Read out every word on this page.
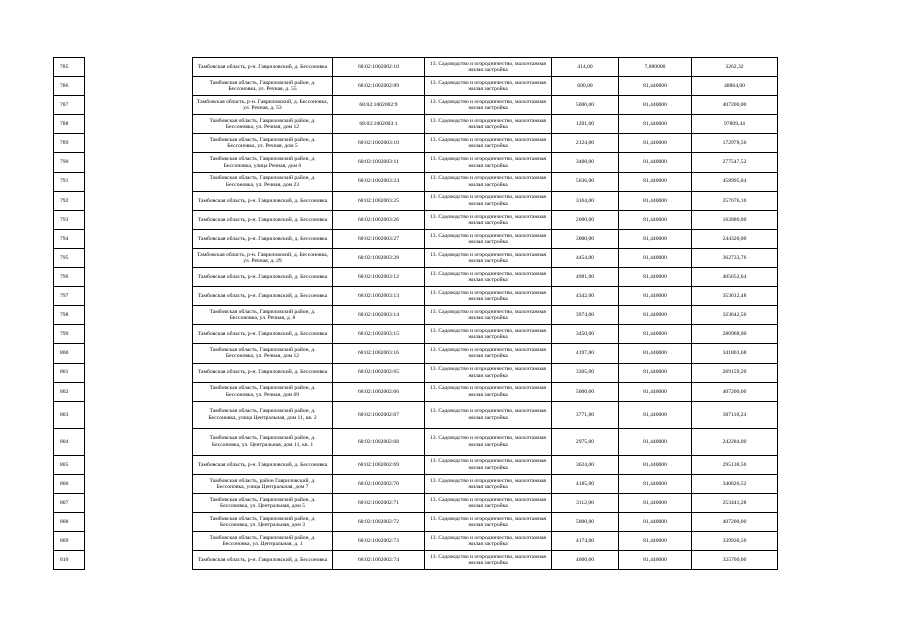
785		Тамбовская область, р-н. Гавриловский, д. Бессоновка	68:02:1002002:10	13. Садоводство и огородничество, малоэтажная жилая застройка	414,00	7,880000	3262,32
786		Тамбовская область, Гавриловский район, д. Бессоновка, ул. Речная, д. 55	68:02:1002002:89	13. Садоводство и огородничество, малоэтажная жилая застройка	600,00	81,440000	48864,00
787		Тамбовская область, р-н. Гавриловский, д. Бессоновка, ул. Речная, д. 53	68:02:1002002:9	13. Садоводство и огородничество, малоэтажная жилая застройка	5000,00	81,440000	407200,00
788		Тамбовская область, Гавриловский район, д. Бессоновка, ул. Речная, дом 12	68:02:1002003:1	13. Садоводство и огородничество, малоэтажная жилая застройка	1201,00	81,440000	97809,44
789		Тамбовская область, Гавриловский район, д. Бессоновка, ул. Речная, дом 5	68:02:1002003:10	13. Садоводство и огородничество, малоэтажная жилая застройка	2124,00	81,440000	172978,56
790		Тамбовская область, Гавриловский район, д. Бессоновка, улица Речная, дом 6	68:02:1002003:11	13. Садоводство и огородничество, малоэтажная жилая застройка	3408,00	81,440000	277547,52
791		Тамбовская область, Гавриловский район, д. Бессоновка, ул. Речная, дом 23	68:02:1002003:24	13. Садоводство и огородничество, малоэтажная жилая застройка	5636,00	81,440000	458995,84
792		Тамбовская область, р-н. Гавриловский, д. Бессоновка	68:02:1002003:25	13. Садоводство и огородничество, малоэтажная жилая застройка	3164,00	81,440000	257676,16
793		Тамбовская область, р-н. Гавриловский, д. Бессоновка	68:02:1002003:26	13. Садоводство и огородничество, малоэтажная жилая застройка	2000,00	81,440000	162880,00
794		Тамбовская область, р-н. Гавриловский, д. Бессоновка	68:02:1002003:27	13. Садоводство и огородничество, малоэтажная жилая застройка	3000,00	81,440000	244320,00
795		Тамбовская область, р-н. Гавриловский, д. Бессоновка, ул. Речная, д. 29	68:02:1002003:28	13. Садоводство и огородничество, малоэтажная жилая застройка	4454,00	81,440000	362733,76
796		Тамбовская область, р-н. Гавриловский, д. Бессоновка	68:02:1002003:12	13. Садоводство и огородничество, малоэтажная жилая застройка	4981,00	81,440000	405652,64
797		Тамбовская область, р-н. Гавриловский, д. Бессоновка	68:02:1002003:13	13. Садоводство и огородничество, малоэтажная жилая застройка	4342,00	81,440000	353612,48
798		Тамбовская область, Гавриловский район, д. Бессоновка, ул. Речная, д. 8	68:02:1002003:14	13. Садоводство и огородничество, малоэтажная жилая застройка	3974,00	81,440000	323642,56
799		Тамбовская область, р-н. Гавриловский, д. Бессоновка	68:02:1002003:15	13. Садоводство и огородничество, малоэтажная жилая застройка	3450,00	81,440000	280968,00
800		Тамбовская область, Гавриловский район, д. Бессоновка, ул. Речная, дом 12	68:02:1002003:16	13. Садоводство и огородничество, малоэтажная жилая застройка	4197,00	81,440000	341803,68
801		Тамбовская область, р-н. Гавриловский, д. Бессоновка	68:02:1002002:65	13. Садоводство и огородничество, малоэтажная жилая застройка	3305,00	81,440000	269159,20
802		Тамбовская область, Гавриловский район, д. Бессоновка, ул. Речная, дом 69	68:02:1002002:66	13. Садоводство и огородничество, малоэтажная жилая застройка	5000,00	81,440000	407200,00
803		Тамбовская область, Гавриловский район, д. Бессоновка, улица Центральная, дом 11, кв. 2	68:02:1002002:67	13. Садоводство и огородничество, малоэтажная жилая застройка	3771,00	81,440000	307110,24
804		Тамбовская область, Гавриловский район, д. Бессоновка, ул. Центральная, дом 11, кв. 1	68:02:1002002:68	13. Садоводство и огородничество, малоэтажная жилая застройка	2975,00	81,440000	242284,00
805		Тамбовская область, р-н. Гавриловский, д. Бессоновка	68:02:1002002:69	13. Садоводство и огородничество, малоэтажная жилая застройка	3624,00	81,440000	295138,56
806		Тамбовская область, район Гавриловский, д. Бессоновка, улица Центральная, дом 7	68:02:1002002:70	13. Садоводство и огородничество, малоэтажная жилая застройка	4185,00	81,440000	340826,52
807		Тамбовская область, Гавриловский район, д. Бессоновка, ул. Центральная, дом 5	68:02:1002002:71	13. Садоводство и огородничество, малоэтажная жилая застройка	3112,00	81,440000	253441,28
808		Тамбовская область, Гавриловский район, д. Бессоновка, ул. Центральная, дом 3	68:02:1002002:72	13. Садоводство и огородничество, малоэтажная жилая застройка	5000,00	81,440000	407200,00
809		Тамбовская область, Гавриловский район, д. Бессоновка, ул. Центральная, д. 1	68:02:1002002:73	13. Садоводство и огородничество, малоэтажная жилая застройка	4174,00	81,440000	339930,56
810		Тамбовская область, р-н. Гавриловский, д. Бессоновка	68:02:1002002:74	13. Садоводство и огородничество, малоэтажная жилая застройка	4000,00	81,440000	325760,00
